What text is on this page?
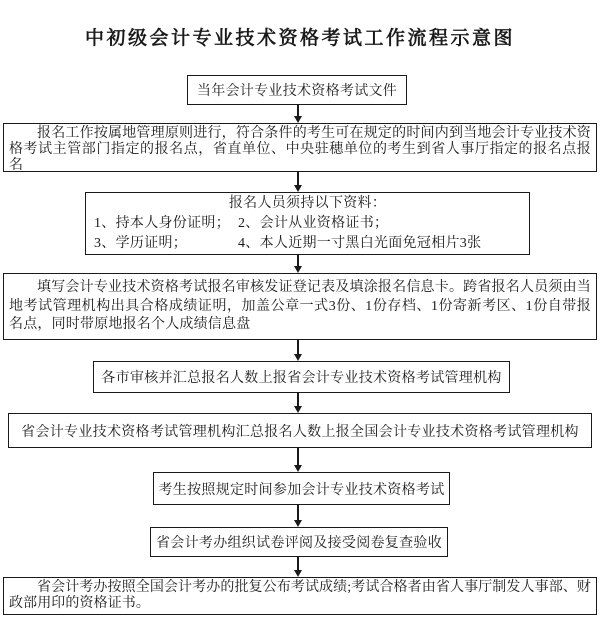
中初级会计专业技术资格考试工作流程示意图
当年会计专业技术资格考试文件
报名工作按属地管理原则进行，符合条件的考生可在规定的时间内到当地会计专业技术资格考试主管部门指定的报名点，省直单位、中央驻穗单位的考生到省人事厅指定的报名点报名
报名人员须持以下资料：
1、持本人身份证明； 2、会计从业资格证书；
3、学历证明；	4、本人近期一寸黑白光面免冠相片3张
填写会计专业技术资格考试报名审核发证登记表及填涂报名信息卡。跨省报名人员须由当地考试管理机构出具合格成绩证明，加盖公章一式3份、1份存档、1份寄新考区、1份自带报名点，同时带原地报名个人成绩信息盘
各市审核并汇总报名人数上报省会计专业技术资格考试管理机构
省会计专业技术资格考试管理机构汇总报名人数上报全国会计专业技术资格考试管理机构
考生按照规定时间参加会计专业技术资格考试
省会计考办组织试卷评阅及接受阅卷复查验收
省会计考办按照全国会计考办的批复公布考试成绩;考试合格者由省人事厅制发人事部、财政部用印的资格证书。
